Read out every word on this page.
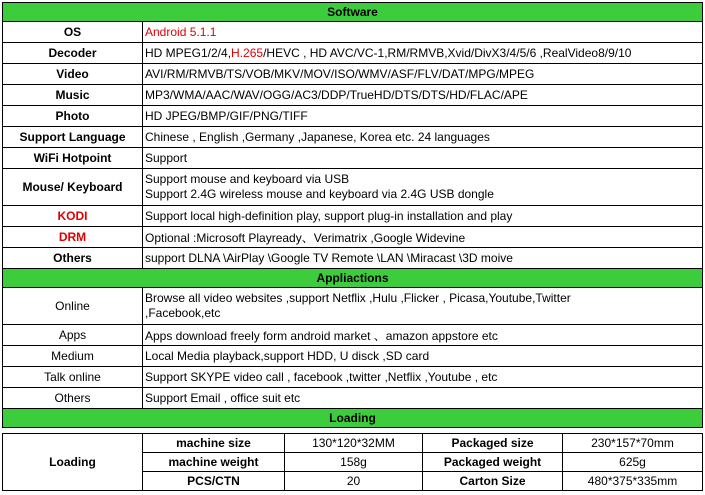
Software	
OS	Android 5.1.1
Decoder	HD MPEG1/2/4,H.265/HEVC , HD AVC/VC-1,RM/RMVB,Xvid/DivX3/4/5/6 ,RealVideo8/9/10
Video	AVI/RM/RMVB/TS/VOB/MKV/MOV/ISO/WMV/ASF/FLV/DAT/MPG/MPEG
Music	MP3/WMA/AAC/WAV/OGG/AC3/DDP/TrueHD/DTS/DTS/HD/FLAC/APE
Photo	HD JPEG/BMP/GIF/PNG/TIFF
Support Language	Chinese , English ,Germany ,Japanese, Korea etc. 24 languages
WiFi Hotpoint	Support
Mouse/ Keyboard	Support mouse and keyboard via USB
Support 2.4G wireless mouse and keyboard via 2.4G USB dongle

KODI	Support local high-definition play, support plug-in installation and play
DRM	Optional :Microsoft Playready、Verimatrix ,Google Widevine
Others	support DLNA \AirPlay \Google TV Remote \LAN \Miracast \3D moive
Appliactions	
Online	Browse all video websites ,support Netflix ,Hulu ,Flicker , Picasa,Youtube,Twitter
,Facebook,etc

Apps	Apps download freely form android market 、amazon appstore etc
Medium	Local Media playback,support HDD, U disck ,SD card
Talk online	Support SKYPE video call , facebook ,twitter ,Netflix ,Youtube , etc
Others	Support Email , office suit etc
Loading	
Loading	machine size	130*120*32MM	Packaged size	230*157*70mm
	machine weight	158g	Packaged weight	625g
	PCS/CTN	20	Carton Size	480*375*335mm
